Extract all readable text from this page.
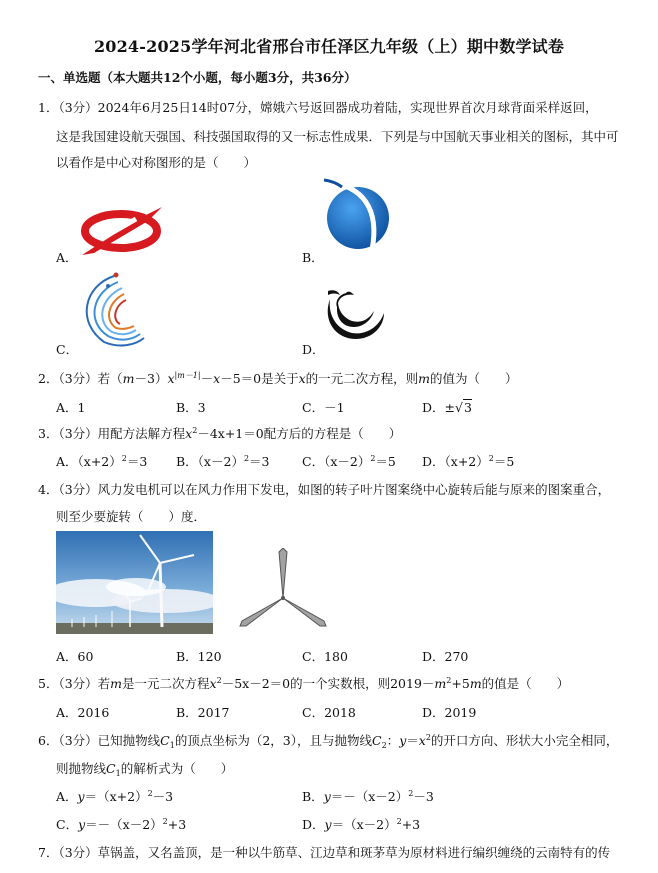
2024-2025学年河北省邢台市任泽区九年级（上）期中数学试卷
一、单选题（本大题共12个小题，每小题3分，共36分）
1．（3分）2024年6月25日14时07分，嫦娥六号返回器成功着陆，实现世界首次月球背面采样返回，
这是我国建设航天强国、科技强国取得的又一标志性成果．下列是与中国航天事业相关的图标，其中可
以看作是中心对称图形的是（　　）
A．	B．
C．	D．
2．（3分）若$(m-3)x^{|m-1|}-x-5=0$是关于x的一元二次方程，则m的值为（　　）
A．1	B．3	C．－1	D．±√3
3．（3分）用配方法解方程$x^2-4x+1=0$配方后的方程是（　　）
A．$(x+2)^2=3$ B．$(x-2)^2=3$	C．$(x-2)^2=5$ D．$(x+2)^2=5$
4．（3分）风力发电机可以在风力作用下发电，如图的转子叶片图案绕中心旋转后能与原来的图案重合，
则至少要旋转（　　）度．
A．60	B．120	C．180	D．270
5．（3分）若m是一元二次方程$x^2-5x-2=0$的一个实数根，则$2019-m^2+5m$的值是（　　）
A．2016	B．2017	C．2018	D．2019
6．（3分）已知抛物线$C_1$的顶点坐标为（2，3），且与抛物线$C_2$：$y=x^2$的开口方向、形状大小完全相同，
则抛物线$C_1$的解析式为（　　）
A．$y=(x+2)^2-3$	B．$y=-(x-2)^2-3$
C．$y=-(x-2)^2+3$	D．$y=(x-2)^2+3$
7．（3分）草锅盖，又名盖顶，是一种以牛筋草、江边草和斑茅草为原材料进行编织缠绕的云南特有的传
